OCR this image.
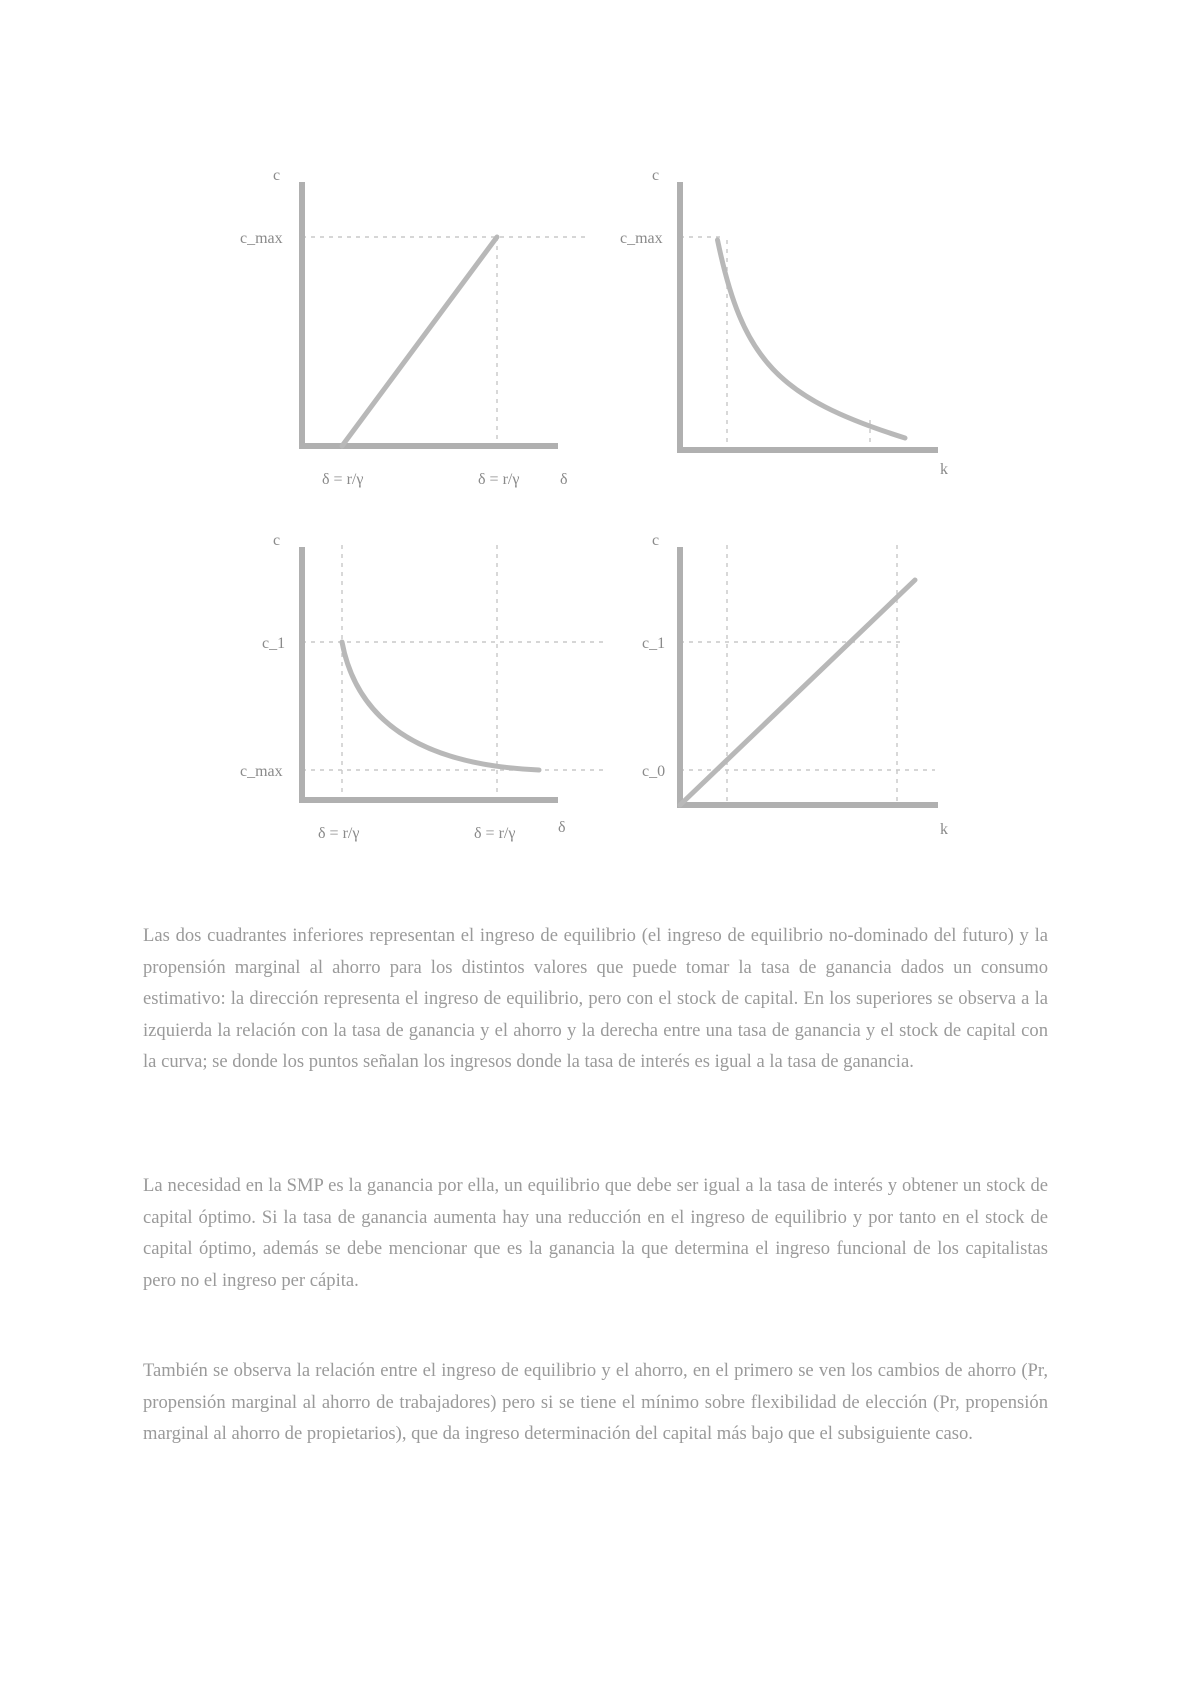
c
c_max
δ = r/γ	δ = r/γ	δ
c
c_max
k
c
c_1
c_max
δ = r/γ	δ = r/γ	δ
c
c_1
c_0
k

Las dos cuadrantes inferiores representan el ingreso de equilibrio (el ingreso de equilibrio no-dominado del futuro) y la propensión marginal al ahorro para los distintos valores que puede tomar la tasa de ganancia dados un consumo estimativo: la dirección representa el ingreso de equilibrio, pero con el stock de capital. En los superiores se observa a la izquierda la relación con la tasa de ganancia y el ahorro y la derecha entre una tasa de ganancia y el stock de capital con la curva; se donde los puntos señalan los ingresos donde la tasa de interés es igual a la tasa de ganancia.

La necesidad en la SMP es la ganancia por ella, un equilibrio que debe ser igual a la tasa de interés y obtener un stock de capital óptimo. Si la tasa de ganancia aumenta hay una reducción en el ingreso de equilibrio y por tanto en el stock de capital óptimo, además se debe mencionar que es la ganancia la que determina el ingreso funcional de los capitalistas pero no el ingreso per cápita.

También se observa la relación entre el ingreso de equilibrio y el ahorro, en el primero se ven los cambios de ahorro (Pr, propensión marginal al ahorro de trabajadores) pero si se tiene el mínimo sobre flexibilidad de elección (Pr, propensión marginal al ahorro de propietarios), que da ingreso determinación del capital más bajo que el subsiguiente caso.
